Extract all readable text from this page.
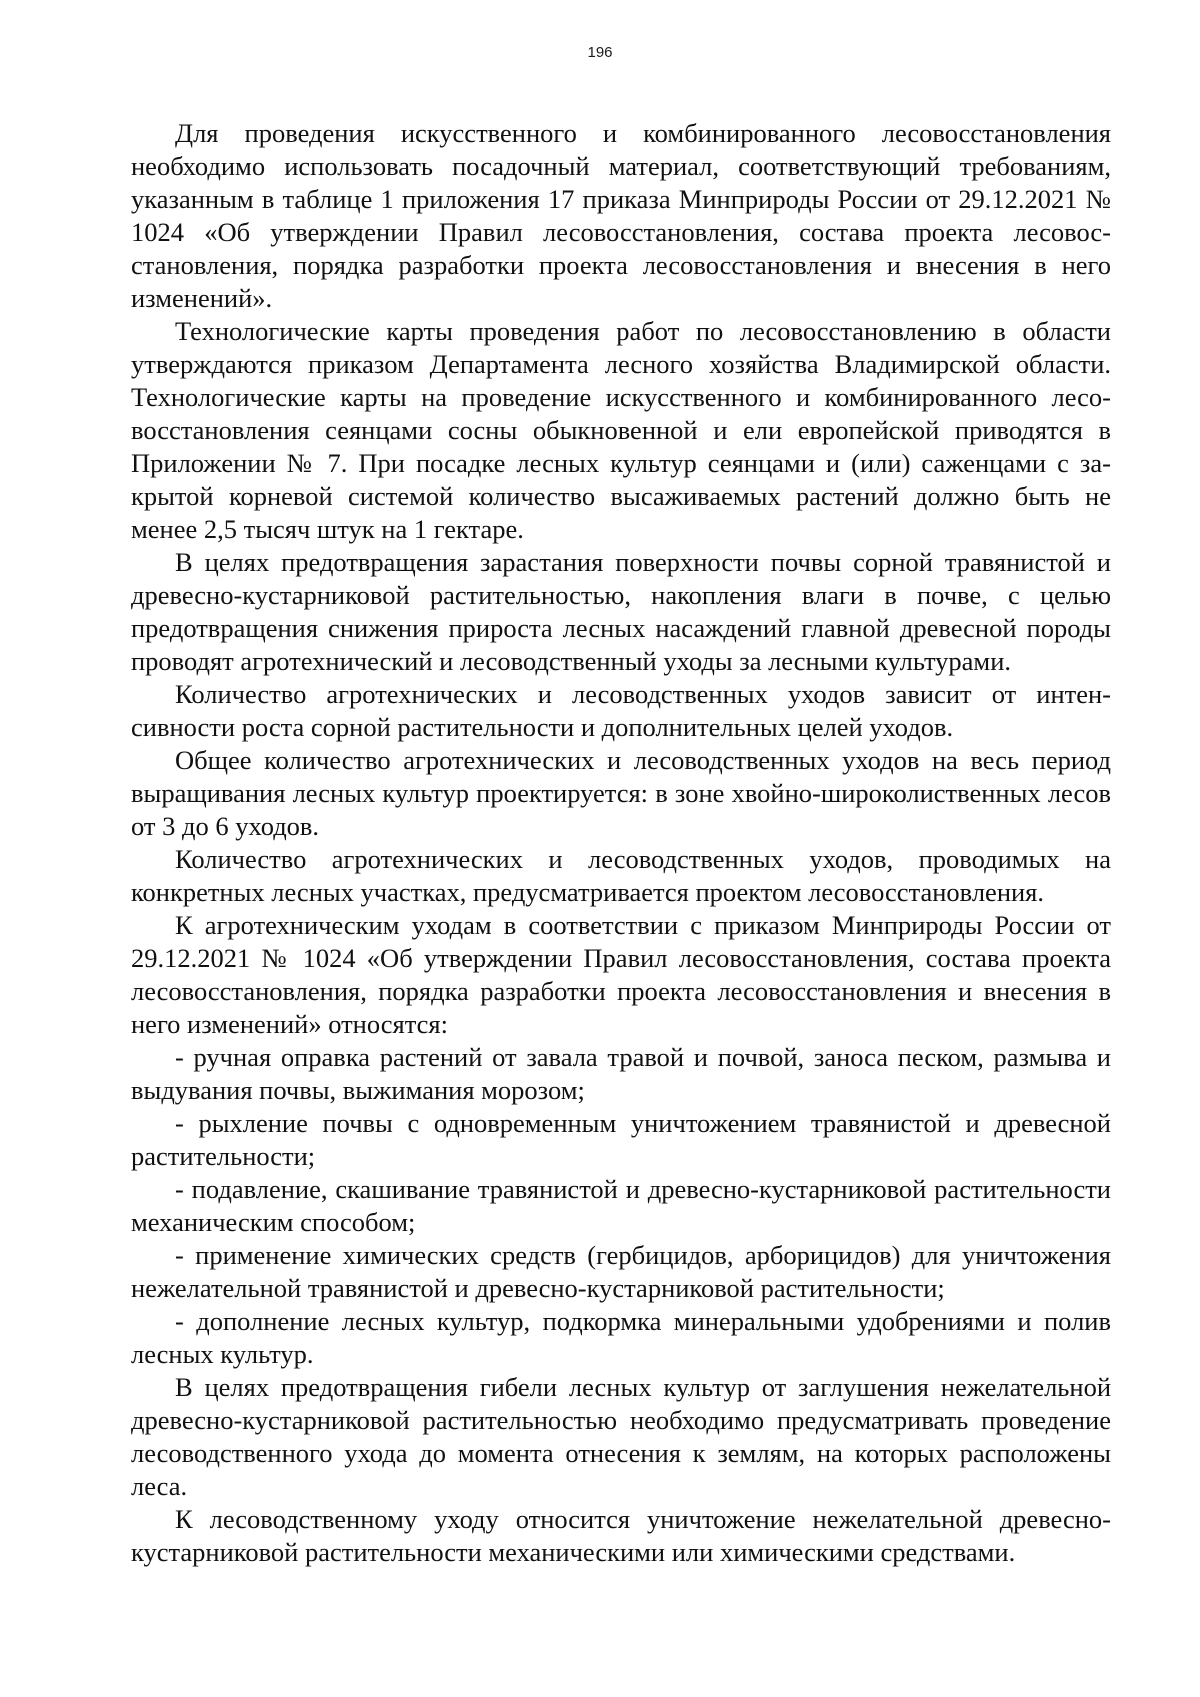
196

Для проведения искусственного и комбинированного лесовосстановления необходимо использовать посадочный материал, соответствующий требованиям, указанным в таблице 1 приложения 17 приказа Минприроды России от 29.12.2021 № 1024 «Об утверждении Правил лесовосстановления, состава проекта лесовосстановления, порядка разработки проекта лесовосстановления и внесения в него изменений».

Технологические карты проведения работ по лесовосстановлению в области утверждаются приказом Департамента лесного хозяйства Владимирской области. Технологические карты на проведение искусственного и комбинированного лесовосстановления сеянцами сосны обыкновенной и ели европейской приводятся в Приложении № 7. При посадке лесных культур сеянцами и (или) саженцами с закрытой корневой системой количество высаживаемых растений должно быть не менее 2,5 тысяч штук на 1 гектаре.

В целях предотвращения зарастания поверхности почвы сорной травянистой и древесно-кустарниковой растительностью, накопления влаги в почве, с целью предотвращения снижения прироста лесных насаждений главной древесной породы проводят агротехнический и лесоводственный уходы за лесными культурами.

Количество агротехнических и лесоводственных уходов зависит от интенсивности роста сорной растительности и дополнительных целей уходов.

Общее количество агротехнических и лесоводственных уходов на весь период выращивания лесных культур проектируется: в зоне хвойно-широколиственных лесов от 3 до 6 уходов.

Количество агротехнических и лесоводственных уходов, проводимых на конкретных лесных участках, предусматривается проектом лесовосстановления.

К агротехническим уходам в соответствии с приказом Минприроды России от 29.12.2021 № 1024 «Об утверждении Правил лесовосстановления, состава проекта лесовосстановления, порядка разработки проекта лесовосстановления и внесения в него изменений» относятся:

- ручная оправка растений от завала травой и почвой, заноса песком, размыва и выдувания почвы, выжимания морозом;

- рыхление почвы с одновременным уничтожением травянистой и древесной растительности;

- подавление, скашивание травянистой и древесно-кустарниковой растительности механическим способом;

- применение химических средств (гербицидов, арборицидов) для уничтожения нежелательной травянистой и древесно-кустарниковой растительности;

- дополнение лесных культур, подкормка минеральными удобрениями и полив лесных культур.

В целях предотвращения гибели лесных культур от заглушения нежелательной древесно-кустарниковой растительностью необходимо предусматривать проведение лесоводственного ухода до момента отнесения к землям, на которых расположены леса.

К лесоводственному уходу относится уничтожение нежелательной древесно-кустарниковой растительности механическими или химическими средствами.
